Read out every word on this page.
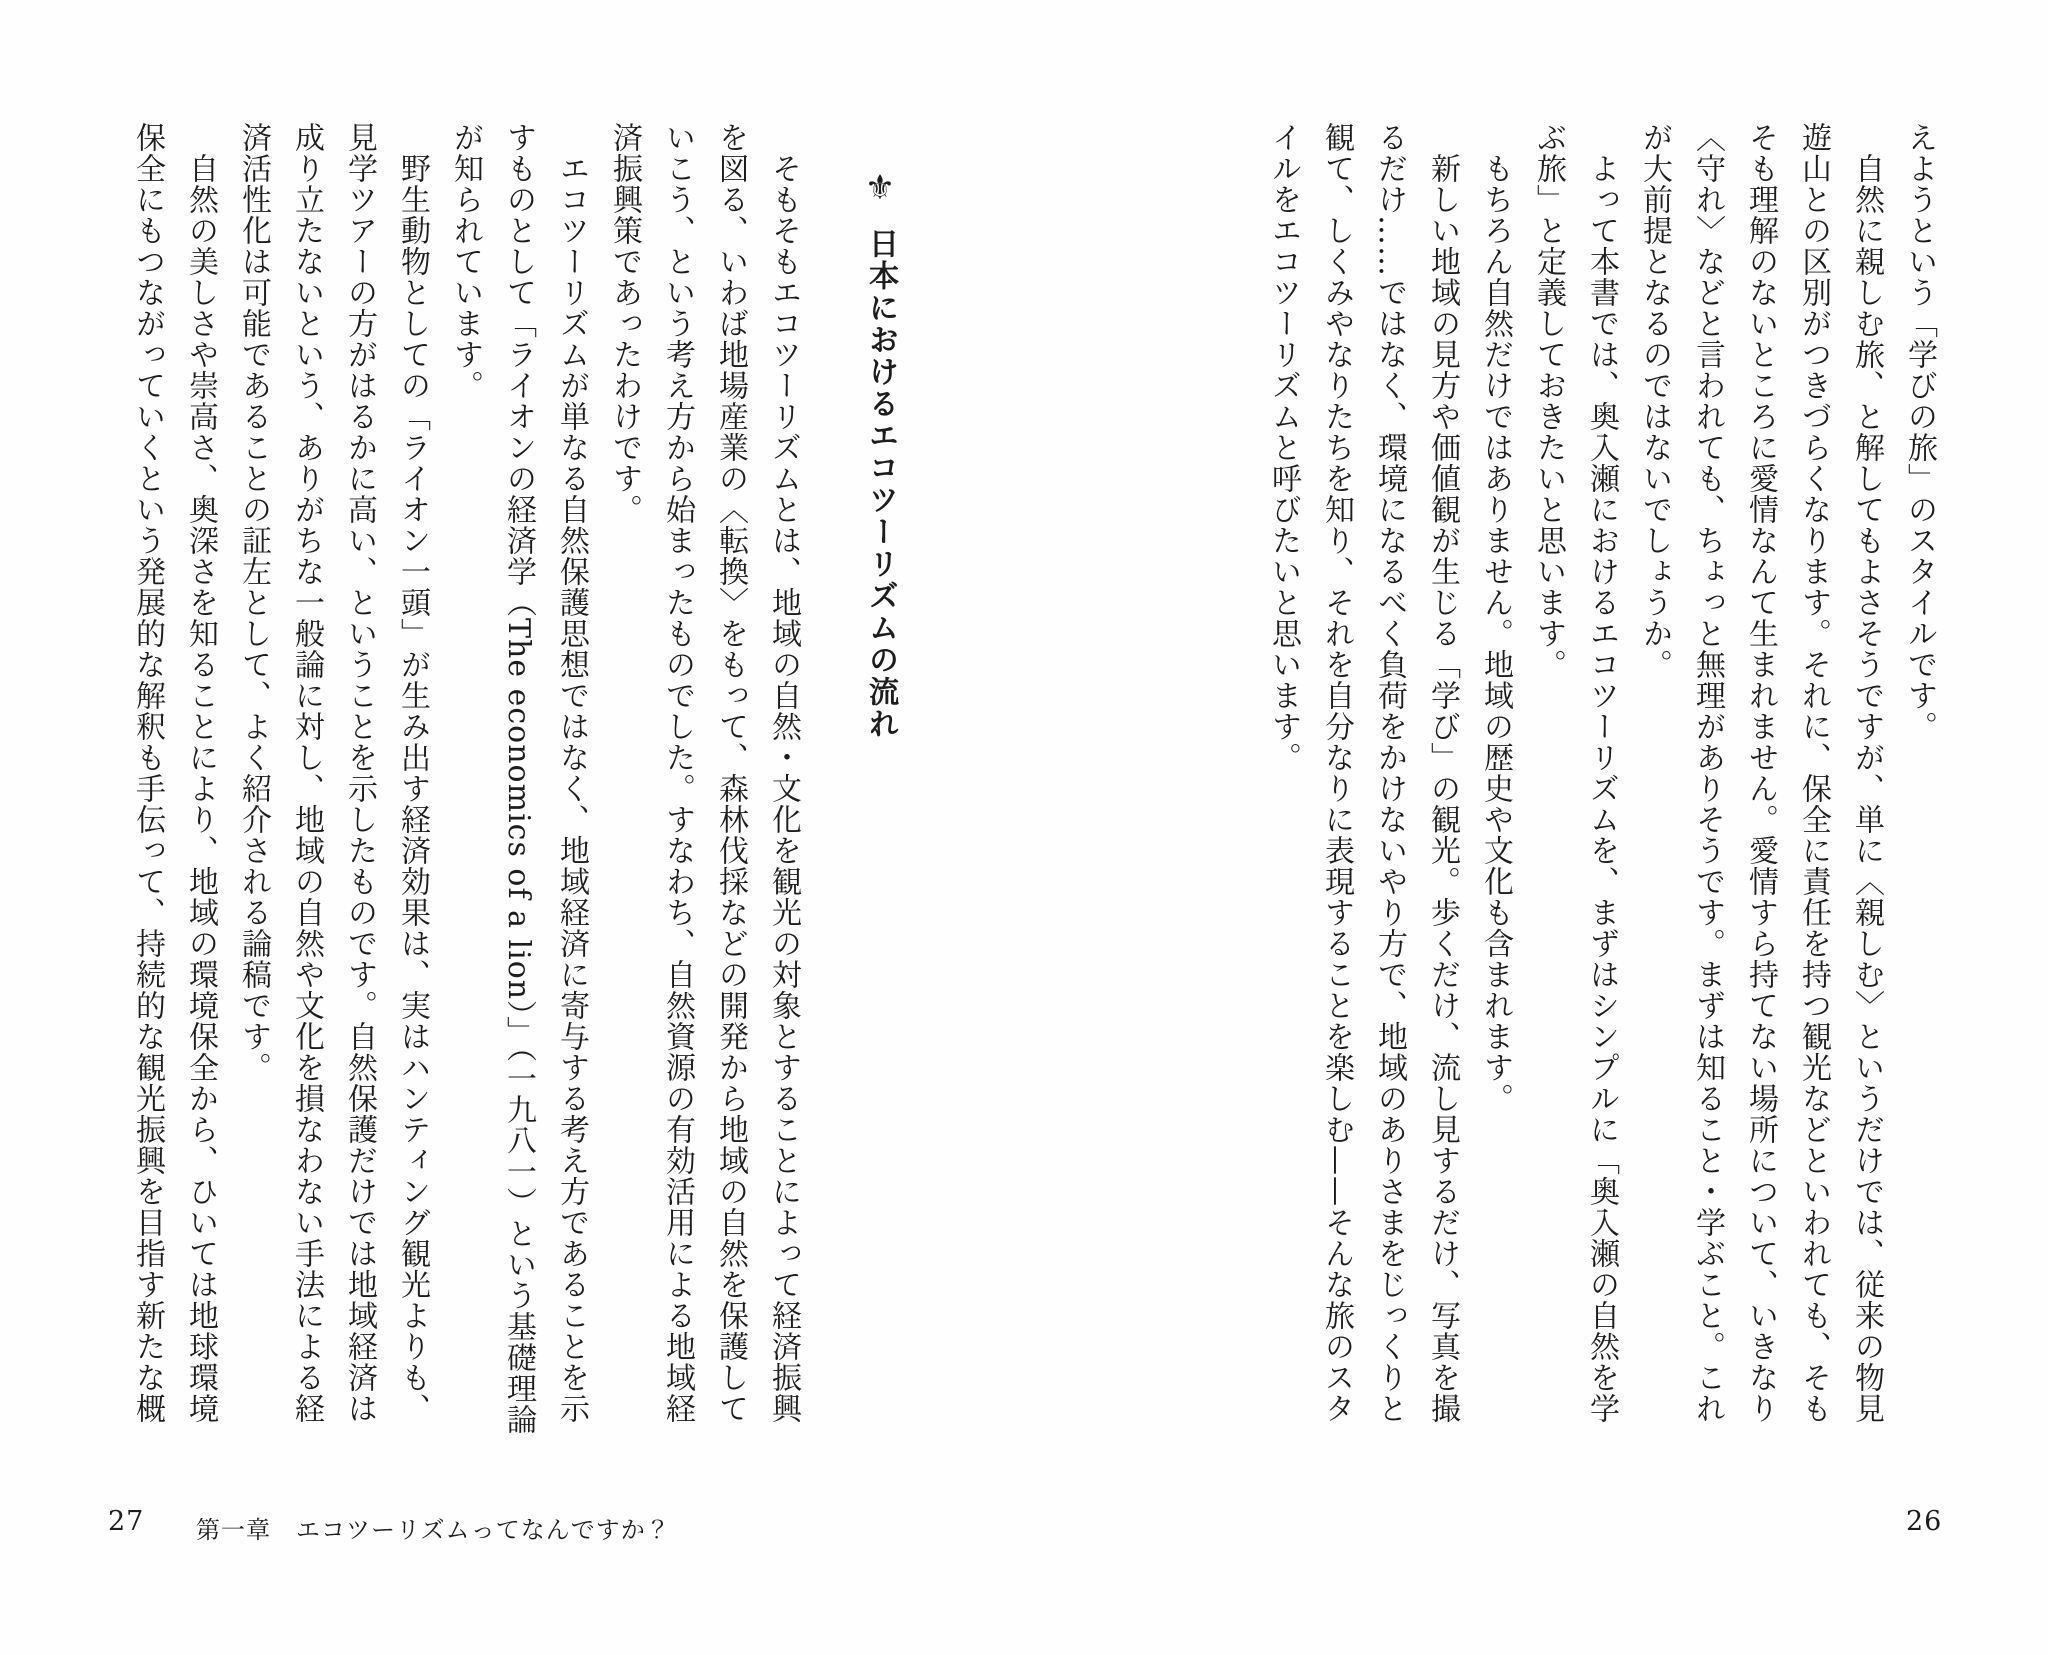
えようという「学びの旅」のスタイルです。

　自然に親しむ旅、と解してもよさそうですが、単に〈親しむ〉というだけでは、従来の物見

遊山との区別がつきづらくなります。それに、保全に責任を持つ観光などといわれても、そも

そも理解のないところに愛情なんて生まれません。愛情すら持てない場所について、いきなり

〈守れ〉などと言われても、ちょっと無理がありそうです。まずは知ること・学ぶこと。これ

が大前提となるのではないでしょうか。

　よって本書では、奥入瀬におけるエコツーリズムを、まずはシンプルに「奥入瀬の自然を学

ぶ旅」と定義しておきたいと思います。

　もちろん自然だけではありません。地域の歴史や文化も含まれます。

　新しい地域の見方や価値観が生じる「学び」の観光。歩くだけ、流し見するだけ、写真を撮

るだけ……ではなく、環境になるべく負荷をかけないやり方で、地域のありさまをじっくりと

観て、しくみやなりたちを知り、それを自分なりに表現することを楽しむ——そんな旅のスタ

イルをエコツーリズムと呼びたいと思います。

26

⚜日本におけるエコツーリズムの流れ

　そもそもエコツーリズムとは、地域の自然・文化を観光の対象とすることによって経済振興

を図る、いわば地場産業の〈転換〉をもって、森林伐採などの開発から地域の自然を保護して

いこう、という考え方から始まったものでした。すなわち、自然資源の有効活用による地域経

済振興策であったわけです。

　エコツーリズムが単なる自然保護思想ではなく、地域経済に寄与する考え方であることを示

すものとして「ライオンの経済学（The economics of a lion）」（一九八一）という基礎理論

が知られています。

　野生動物としての「ライオン一頭」が生み出す経済効果は、実はハンティング観光よりも、

見学ツアーの方がはるかに高い、ということを示したものです。自然保護だけでは地域経済は

成り立たないという、ありがちな一般論に対し、地域の自然や文化を損なわない手法による経

済活性化は可能であることの証左として、よく紹介される論稿です。

　自然の美しさや崇高さ、奥深さを知ることにより、地域の環境保全から、ひいては地球環境

保全にもつながっていくという発展的な解釈も手伝って、持続的な観光振興を目指す新たな概

27 第一章　エコツーリズムってなんですか？
